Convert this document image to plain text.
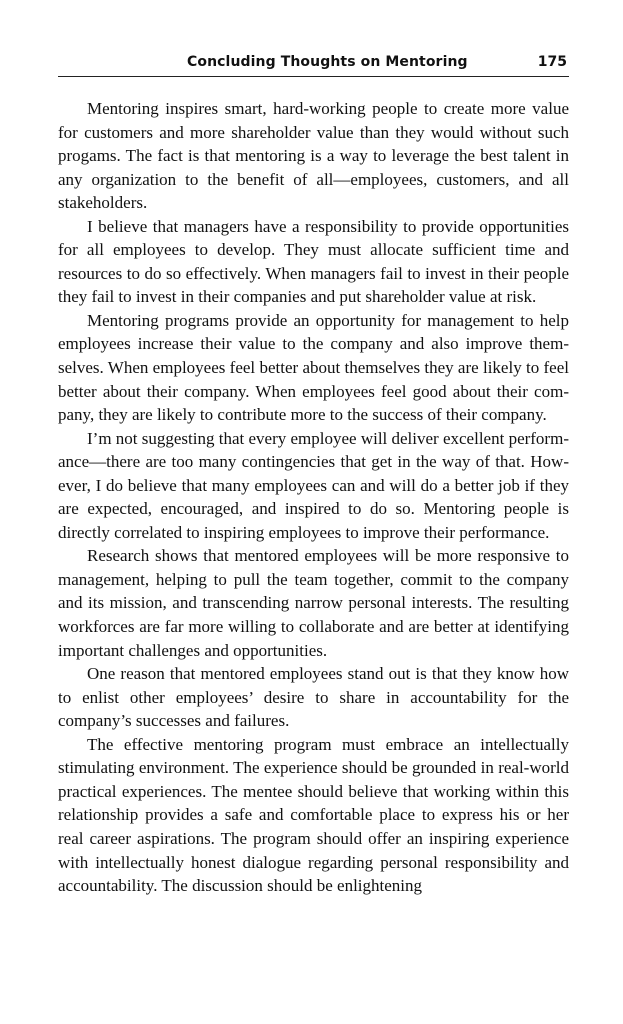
Concluding Thoughts on Mentoring	175

Mentoring inspires smart, hard-working people to create more value for customers and more shareholder value than they would without such progams. The fact is that mentoring is a way to leverage the best talent in any organization to the benefit of all—employees, customers, and all stakeholders.

I believe that managers have a responsibility to provide opportunities for all employees to develop. They must allocate sufficient time and resources to do so effectively. When managers fail to invest in their people they fail to invest in their companies and put shareholder value at risk.

Mentoring programs provide an opportunity for management to help employees increase their value to the company and also improve themselves. When employees feel better about themselves they are likely to feel better about their company. When employees feel good about their company, they are likely to contribute more to the success of their company.

I’m not suggesting that every employee will deliver excellent performance—there are too many contingencies that get in the way of that. However, I do believe that many employees can and will do a better job if they are expected, encouraged, and inspired to do so. Mentoring people is directly correlated to inspiring employees to improve their performance.

Research shows that mentored employees will be more responsive to management, helping to pull the team together, commit to the company and its mission, and transcending narrow personal interests. The resulting workforces are far more willing to collaborate and are better at identifying important challenges and opportunities.

One reason that mentored employees stand out is that they know how to enlist other employees’ desire to share in accountability for the company’s successes and failures.

The effective mentoring program must embrace an intellectually stimulating environment. The experience should be grounded in real-world practical experiences. The mentee should believe that working within this relationship provides a safe and comfortable place to express his or her real career aspirations. The program should offer an inspiring experience with intellectually honest dialogue regarding personal responsibility and accountability. The discussion should be enlightening
